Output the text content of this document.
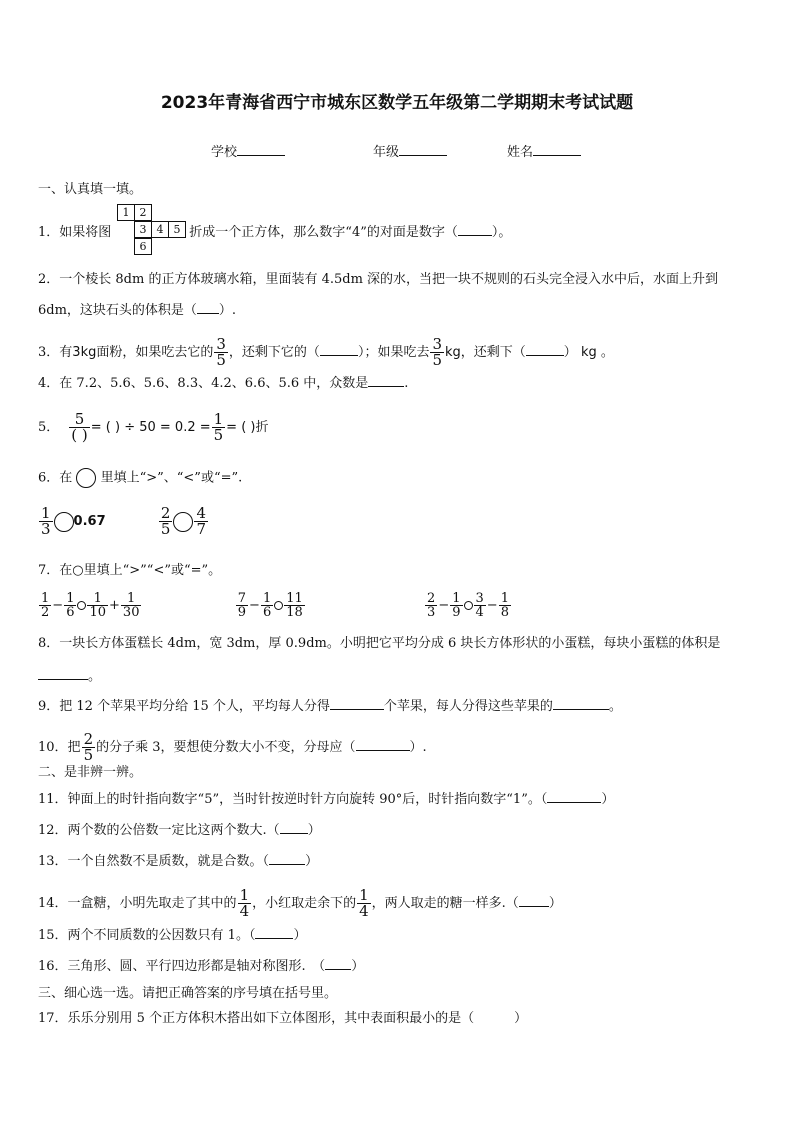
2023年青海省西宁市城东区数学五年级第二学期期末考试试题
学校	年级	姓名
一、认真填一填。
1 2
3 4 5
6
1．如果将图	折成一个正方体，那么数字“4”的对面是数字（	）。
2．一个棱长 8dm 的正方体玻璃水箱，里面装有 4.5dm 深的水，当把一块不规则的石头完全浸入水中后，水面上升到
6dm，这块石头的体积是（ ）.
3．有3kg面粉，如果吃去它的 $\frac{3}{5}$ ，还剩下它的（	）；如果吃去 $\frac{3}{5}$ kg，还剩下（	） kg 。
4．在 7.2、5.6、5.6、8.3、4.2、6.6、5.6 中，众数是	.
5． $\frac{5}{( )}$ = ( ) ÷ $50 = 0.2 = \frac{1}{5}$ = ( )折
6．在 里填上“>”、“<”或“=”.
$\frac{1}{3} 0.67$	$\frac{2}{5} \frac{4}{7}$
7．在○里填上“>”“<”或“=”。
$\frac{1}{2} - \frac{1}{6} \frac{1}{10} + \frac{1}{30}$
	$\frac{7}{9} - \frac{1}{6} \frac{11}{18}$
	$\frac{2}{3} - \frac{1}{9} \frac{3}{4} - \frac{1}{8}$
8．一块长方体蛋糕长 4dm，宽 3dm，厚 0.9dm。小明把它平均分成 6 块长方体形状的小蛋糕，每块小蛋糕的体积是
。
9．把 12 个苹果平均分给 15 个人，平均每人分得	个苹果，每人分得这些苹果的	。
10．把 $\frac{2}{5}$ 的分子乘 3，要想使分数大小不变，分母应（	）.
二、是非辨一辨。
11．钟面上的时针指向数字“5”，当时针按逆时针方向旋转 90°后，时针指向数字“1”。（	）
12．两个数的公倍数一定比这两个数大.（ ）
13．一个自然数不是质数，就是合数。（	）
14．一盒糖，小明先取走了其中的 $\frac{1}{4}$ ，小红取走余下的 $\frac{1}{4}$ ，两人取走的糖一样多.（ ）
15．两个不同质数的公因数只有 1。（	）
16．三角形、圆、平行四边形都是轴对称图形.　（ ）
三、细心选一选。请把正确答案的序号填在括号里。
17．乐乐分别用 5 个正方体积木搭出如下立体图形，其中表面积最小的是（	）
